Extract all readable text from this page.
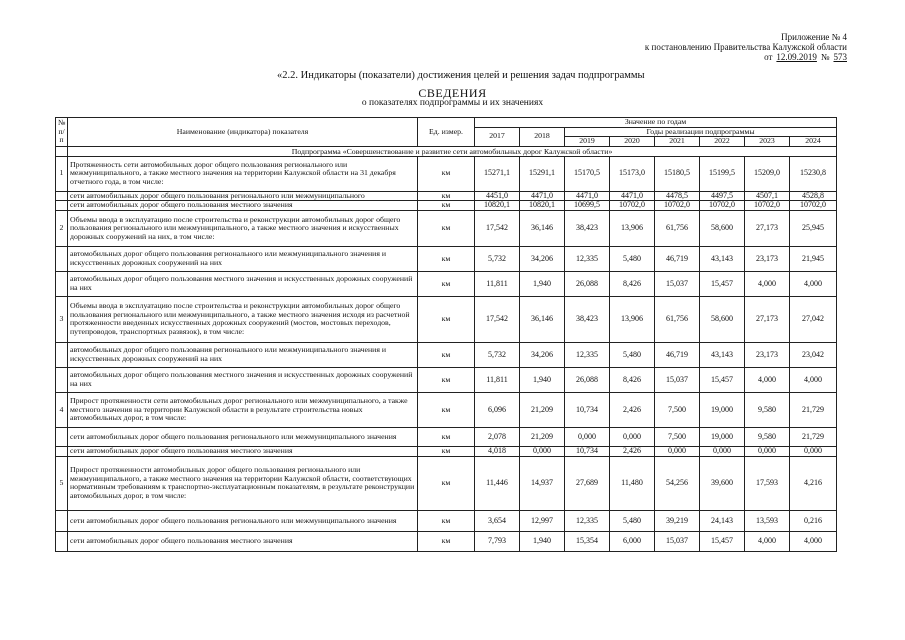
Приложение № 4
к постановлению Правительства Калужской области
от 12.09.2019 № 573
«2.2. Индикаторы (показатели) достижения целей и решения задач подпрограммы
СВЕДЕНИЯ
о показателях подпрограммы и их значениях
№ п/п	Наименование (индикатора) показателя	Ед. измер.	Значение по годам							
			2017	2018	Годы реализации подпрограммы					
					2019	2020	2021	2022	2023	2024
	Подпрограмма «Совершенствование и развитие сети автомобильных дорог Калужской области»									
1	Протяженность сети автомобильных дорог общего пользования регионального или межмуниципального, а также местного значения на территории Калужской области на 31 декабря отчетного года, в том числе:	км	15271,1	15291,1	15170,5	15173,0	15180,5	15199,5	15209,0	15230,8
	сети автомобильных дорог общего пользования регионального или межмуниципального	км	4451,0	4471,0	4471,0	4471,0	4478,5	4497,5	4507,1	4528,8
	сети автомобильных дорог общего пользования местного значения	км	10820,1	10820,1	10699,5	10702,0	10702,0	10702,0	10702,0	10702,0
2	Объемы ввода в эксплуатацию после строительства и реконструкции автомобильных дорог общего пользования регионального или межмуниципального, а также местного значения и искусственных дорожных сооружений на них, в том числе:	км	17,542	36,146	38,423	13,906	61,756	58,600	27,173	25,945
	автомобильных дорог общего пользования регионального или межмуниципального значения и искусственных дорожных сооружений на них	км	5,732	34,206	12,335	5,480	46,719	43,143	23,173	21,945
	автомобильных дорог общего пользования местного значения и искусственных дорожных сооружений на них	км	11,811	1,940	26,088	8,426	15,037	15,457	4,000	4,000
3	Объемы ввода в эксплуатацию после строительства и реконструкции автомобильных дорог общего пользования регионального или межмуниципального, а также местного значения исходя из расчетной протяженности введенных искусственных дорожных сооружений (мостов, мостовых переходов, путепроводов, транспортных развязок), в том числе:	км	17,542	36,146	38,423	13,906	61,756	58,600	27,173	27,042
	автомобильных дорог общего пользования регионального или межмуниципального значения и искусственных дорожных сооружений на них	км	5,732	34,206	12,335	5,480	46,719	43,143	23,173	23,042
	автомобильных дорог общего пользования местного значения и искусственных дорожных сооружений на них	км	11,811	1,940	26,088	8,426	15,037	15,457	4,000	4,000
4	Прирост протяженности сети автомобильных дорог регионального или межмуниципального, а также местного значения на территории Калужской области в результате строительства новых автомобильных дорог, в том числе:	км	6,096	21,209	10,734	2,426	7,500	19,000	9,580	21,729
	сети автомобильных дорог общего пользования регионального или межмуниципального значения	км	2,078	21,209	0,000	0,000	7,500	19,000	9,580	21,729
	сети автомобильных дорог общего пользования местного значения	км	4,018	0,000	10,734	2,426	0,000	0,000	0,000	0,000
5	Прирост протяженности автомобильных дорог общего пользования регионального или межмуниципального, а также местного значения на территории Калужской области, соответствующих нормативным требованиям к транспортно-эксплуатационным показателям, в результате реконструкции автомобильных дорог, в том числе:	км	11,446	14,937	27,689	11,480	54,256	39,600	17,593	4,216
	сети автомобильных дорог общего пользования регионального или межмуниципального значения	км	3,654	12,997	12,335	5,480	39,219	24,143	13,593	0,216
	сети автомобильных дорог общего пользования местного значения	км	7,793	1,940	15,354	6,000	15,037	15,457	4,000	4,000
